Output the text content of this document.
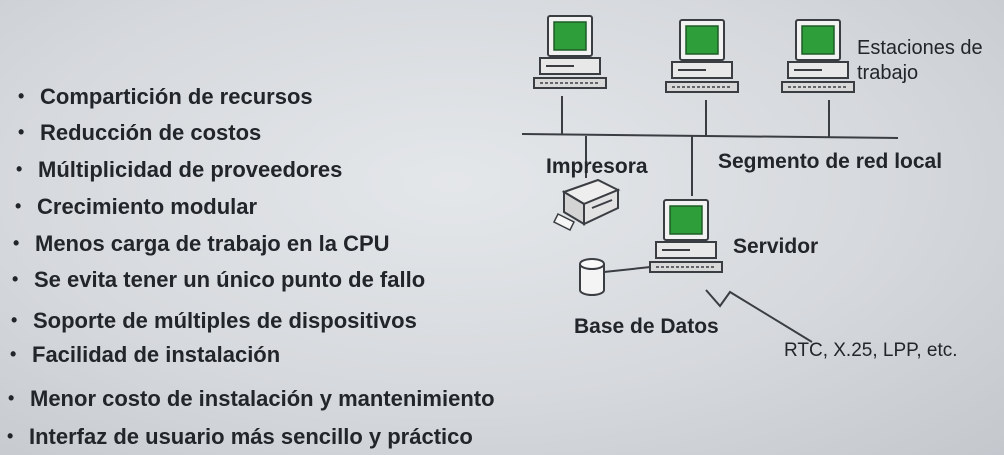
• Compartición de recursos
• Reducción de costos
• Múltiplicidad de proveedores
• Crecimiento modular
• Menos carga de trabajo en la CPU
• Se evita tener un único punto de fallo
• Soporte de múltiples de dispositivos
• Facilidad de instalación
• Menor costo de instalación y mantenimiento
• Interfaz de usuario más sencillo y práctico
Estaciones de trabajo
Impresora	Segmento de red local
Servidor
Base de Datos
RTC, X.25, LPP, etc.
